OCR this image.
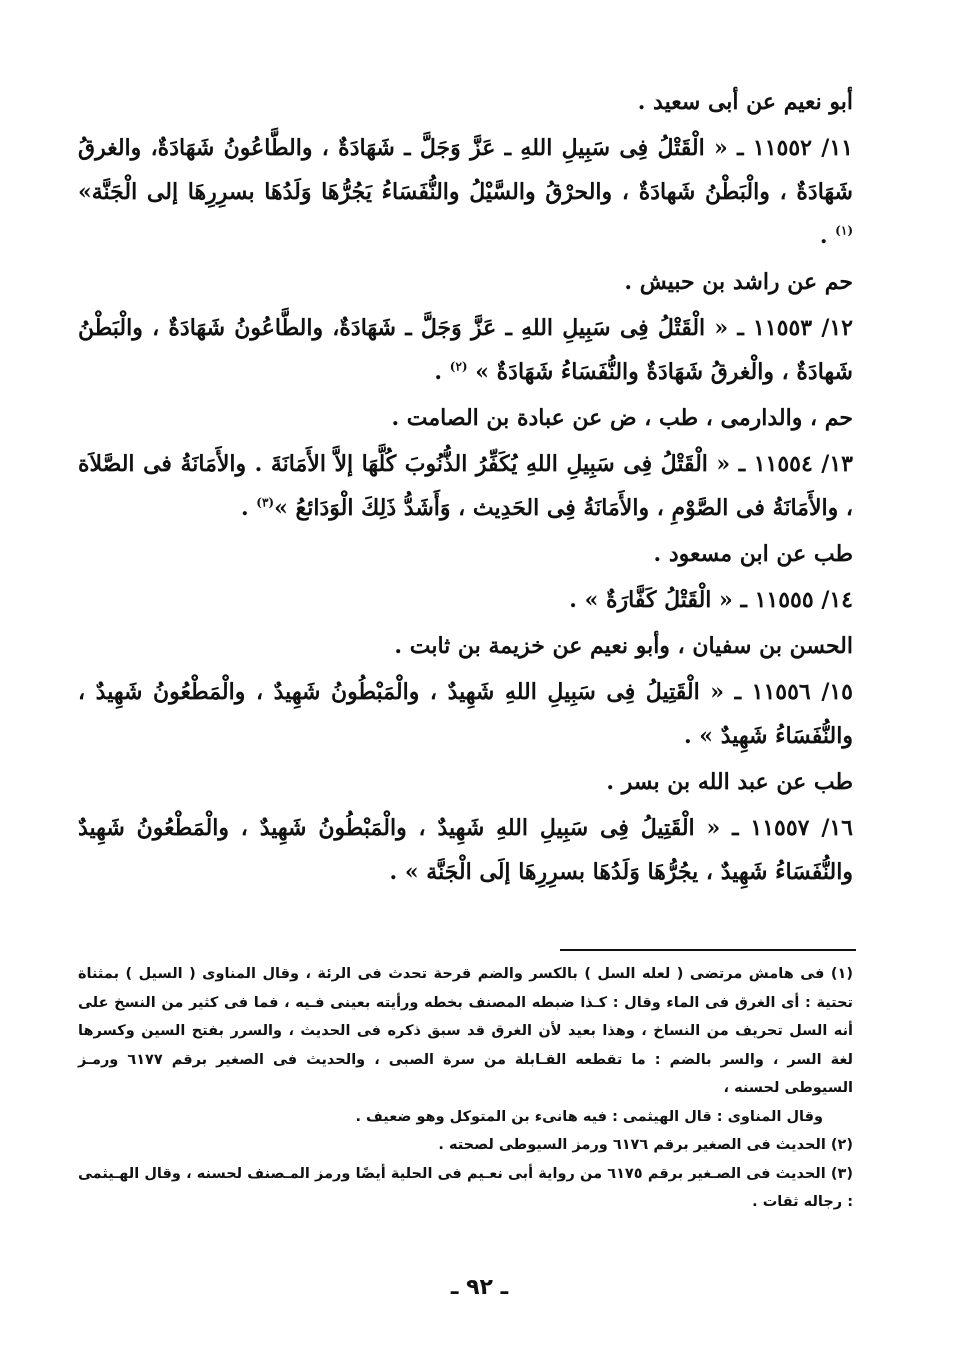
أبو نعيم عن أبى سعيد .

١١/ ١١٥٥٢ ـ « الْقَتْلُ فِى سَبِيلِ اللهِ ـ عَزَّ وَجَلَّ ـ شَهَادَةٌ ، والطَّاعُونُ شَهَادَةٌ، والغرقُ شَهَادَةٌ ، والْبَطْنُ شَهادَةٌ ، والحرْقُ والسَّيْلُ والنُّفَسَاءُ يَجُرُّهَا وَلَدُهَا بسرِرِهَا إلى الْجَنَّة» $^{(١)}$ .

حم عن راشد بن حبيش .

١٢/ ١١٥٥٣ ـ « الْقَتْلُ فِى سَبِيلِ اللهِ ـ عَزَّ وَجَلَّ ـ شَهَادَةٌ، والطَّاعُونُ شَهَادَةٌ ، والْبَطْنُ شَهادَةٌ ، والْغرقُ شَهَادَةٌ والنُّفَسَاءُ شَهَادَةٌ » $^{(٢)}$ .

حم ، والدارمى ، طب ، ض عن عبادة بن الصامت .

١٣/ ١١٥٥٤ ـ « الْقَتْلُ فِى سَبِيلِ اللهِ يُكَفِّرُ الذُّنُوبَ كُلَّهَا إلاَّ الأَمَانَةَ . والأَمَانَةُ فى الصَّلاَة ، والأَمَانَةُ فى الصَّوْمِ ، والأَمَانَةُ فِى الحَدِيث ، وَأَشَدُّ ذَلِكَ الْوَدَائعُ »$^{(٣)}$ .

طب عن ابن مسعود .

١٤/ ١١٥٥٥ ـ « الْقَتْلُ كَفَّارَةٌ » .

الحسن بن سفيان ، وأبو نعيم عن خزيمة بن ثابت .

١٥/ ١١٥٥٦ ـ « الْقَتِيلُ فِى سَبِيلِ اللهِ شَهِيدٌ ، والْمَبْطُونُ شَهِيدٌ ، والْمَطْعُونُ شَهِيدٌ ، والنُّفَسَاءُ شَهِيدٌ » .

طب عن عبد الله بن بسر .

١٦/ ١١٥٥٧ ـ « الْقَتِيلُ فِى سَبِيلِ اللهِ شَهِيدٌ ، والْمَبْطُونُ شَهِيدٌ ، والْمَطْعُونُ شَهِيدٌ والنُّفَسَاءُ شَهِيدٌ ، يجُرُّهَا وَلَدُهَا بسرِرِهَا إلَى الْجَنَّة » .

(١) فى هامش مرتضى ( لعله السل ) بالكسر والضم قرحة تحدث فى الرئة ، وقال المناوى ( السيل ) بمثناة تحتية : أى الغرق فى الماء وقال : كـذا ضبطه المصنف بخطه ورأيته بعينى فـيه ، فما فى كثير من النسخ على أنه السل تحريف من النساخ ، وهذا بعيد لأن الغرق قد سبق ذكره فى الحديث ، والسرر بفتح السين وكسرها لغة السر ، والسر بالضم : ما تقطعه القـابلة من سرة الصبى ، والحديث فى الصغير برقم ٦١٧٧ ورمـز السيوطى لحسنه ،

وقال المناوى : قال الهيثمى : فيه هانىء بن المتوكل وهو ضعيف .

(٢) الحديث فى الصغير برقم ٦١٧٦ ورمز السيوطى لصحته .

(٣) الحديث فى الصـغير برقم ٦١٧٥ من رواية أبى نعـيم فى الحلية أيضًا ورمز المـصنف لحسنه ، وقال الهـيثمى : رجاله ثقات .

ـ ٩٢ ـ
